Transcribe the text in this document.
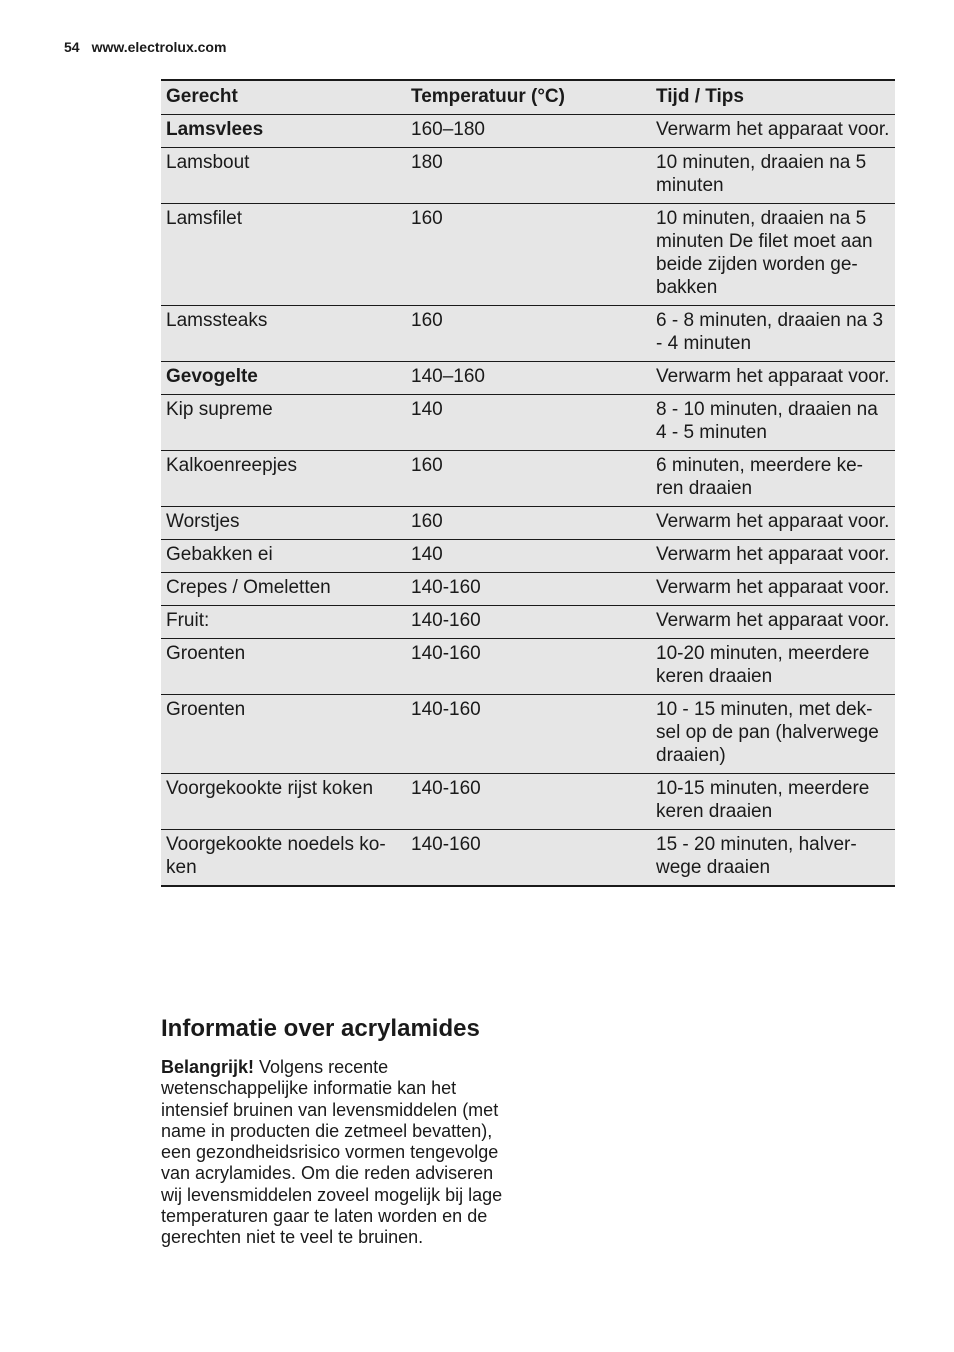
54 www.electrolux.com
Gerecht	Temperatuur (°C)	Tijd / Tips
Lamsvlees	160–180	Verwarm het apparaat voor.
Lamsbout	180	10 minuten, draaien na 5 minuten
Lamsfilet	160	10 minuten, draaien na 5 minuten De filet moet aan beide zijden worden ge-bakken
Lamssteaks	160	6 - 8 minuten, draaien na 3 - 4 minuten
Gevogelte	140–160	Verwarm het apparaat voor.
Kip supreme	140	8 - 10 minuten, draaien na 4 - 5 minuten
Kalkoenreepjes	160	6 minuten, meerdere ke-ren draaien
Worstjes	160	Verwarm het apparaat voor.
Gebakken ei	140	Verwarm het apparaat voor.
Crepes / Omeletten	140-160	Verwarm het apparaat voor.
Fruit:	140-160	Verwarm het apparaat voor.
Groenten	140-160	10-20 minuten, meerdere keren draaien
Groenten	140-160	10 - 15 minuten, met dek-sel op de pan (halverwege draaien)
Voorgekookte rijst koken	140-160	10-15 minuten, meerdere keren draaien
Voorgekookte noedels ko-ken	140-160	15 - 20 minuten, halver-wege draaien
Informatie over acrylamides

Belangrijk! Volgens recente wetenschappelijke informatie kan het intensief bruinen van levensmiddelen (met name in producten die zetmeel bevatten), een gezondheidsrisico vormen tengevolge van acrylamides. Om die reden adviseren wij levensmiddelen zoveel mogelijk bij lage temperaturen gaar te laten worden en de gerechten niet te veel te bruinen.
